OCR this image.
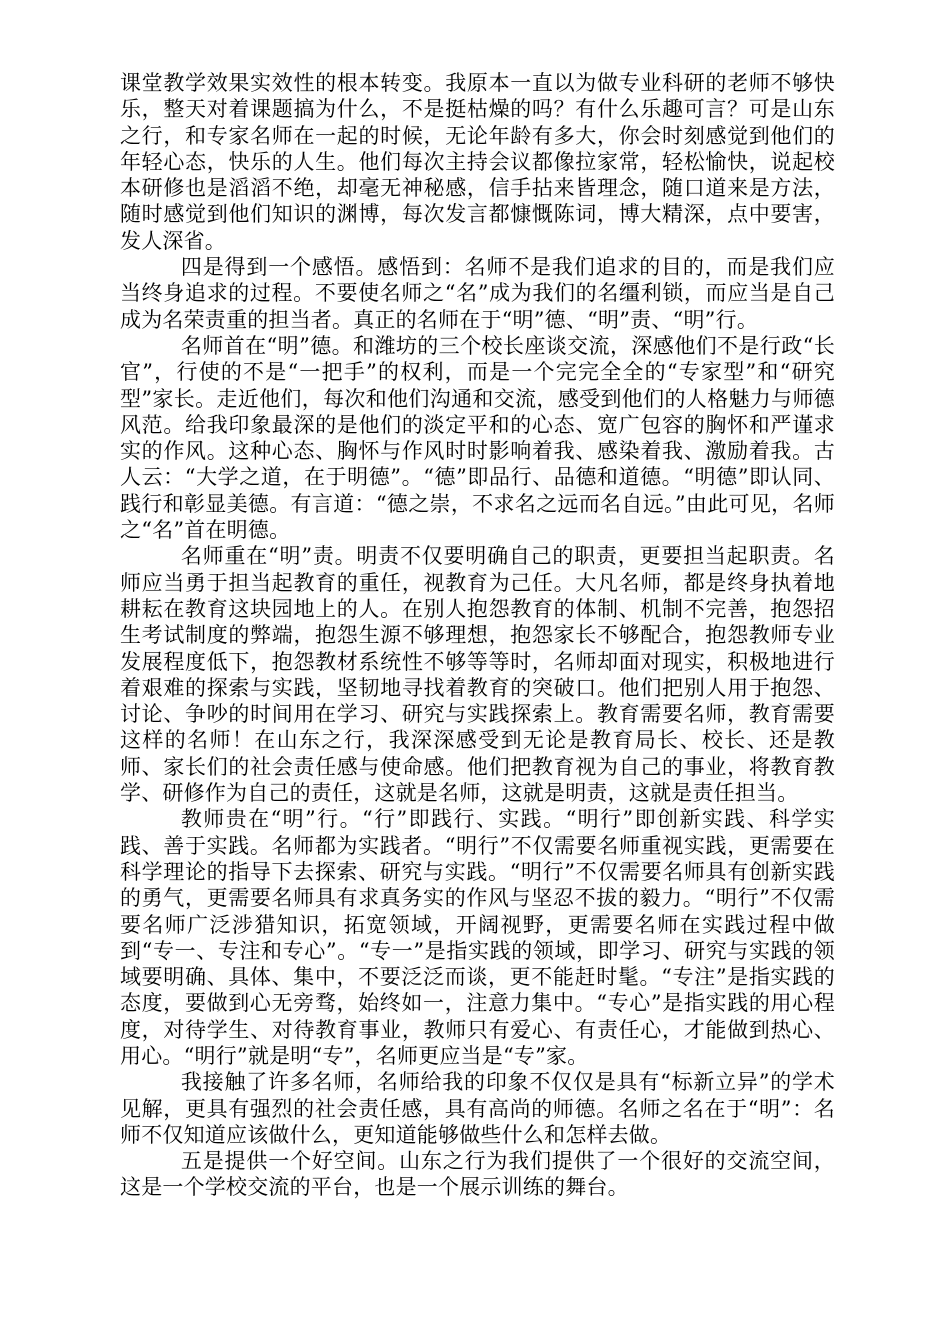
课堂教学效果实效性的根本转变。我原本一直以为做专业科研的老师不够快乐，整天对着课题搞为什么，不是挺枯燥的吗？有什么乐趣可言？可是山东之行，和专家名师在一起的时候，无论年龄有多大，你会时刻感觉到他们的年轻心态，快乐的人生。他们每次主持会议都像拉家常，轻松愉快，说起校本研修也是滔滔不绝，却毫无神秘感，信手拈来皆理念，随口道来是方法，随时感觉到他们知识的渊博，每次发言都慷慨陈词，博大精深，点中要害，发人深省。

四是得到一个感悟。感悟到：名师不是我们追求的目的，而是我们应当终身追求的过程。不要使名师之“名”成为我们的名缰利锁，而应当是自己成为名荣责重的担当者。真正的名师在于“明”德、“明”责、“明”行。

名师首在“明”德。和潍坊的三个校长座谈交流，深感他们不是行政“长官”，行使的不是“一把手”的权利，而是一个完完全全的“专家型”和“研究型”家长。走近他们，每次和他们沟通和交流，感受到他们的人格魅力与师德风范。给我印象最深的是他们的淡定平和的心态、宽广包容的胸怀和严谨求实的作风。这种心态、胸怀与作风时时影响着我、感染着我、激励着我。古人云：“大学之道，在于明德”。“德”即品行、品德和道德。“明德”即认同、践行和彰显美德。有言道：“德之崇，不求名之远而名自远。”由此可见，名师之“名”首在明德。

名师重在“明”责。明责不仅要明确自己的职责，更要担当起职责。名师应当勇于担当起教育的重任，视教育为己任。大凡名师，都是终身执着地耕耘在教育这块园地上的人。在别人抱怨教育的体制、机制不完善，抱怨招生考试制度的弊端，抱怨生源不够理想，抱怨家长不够配合，抱怨教师专业发展程度低下，抱怨教材系统性不够等等时，名师却面对现实，积极地进行着艰难的探索与实践，坚韧地寻找着教育的突破口。他们把别人用于抱怨、讨论、争吵的时间用在学习、研究与实践探索上。教育需要名师，教育需要这样的名师！在山东之行，我深深感受到无论是教育局长、校长、还是教师、家长们的社会责任感与使命感。他们把教育视为自己的事业，将教育教学、研修作为自己的责任，这就是名师，这就是明责，这就是责任担当。

教师贵在“明”行。“行”即践行、实践。“明行”即创新实践、科学实践、善于实践。名师都为实践者。“明行”不仅需要名师重视实践，更需要在科学理论的指导下去探索、研究与实践。“明行”不仅需要名师具有创新实践的勇气，更需要名师具有求真务实的作风与坚忍不拔的毅力。“明行”不仅需要名师广泛涉猎知识，拓宽领域，开阔视野，更需要名师在实践过程中做到“专一、专注和专心”。“专一”是指实践的领域，即学习、研究与实践的领域要明确、具体、集中，不要泛泛而谈，更不能赶时髦。“专注”是指实践的态度，要做到心无旁骛，始终如一，注意力集中。“专心”是指实践的用心程度，对待学生、对待教育事业，教师只有爱心、有责任心，才能做到热心、用心。“明行”就是明“专”，名师更应当是“专”家。

我接触了许多名师，名师给我的印象不仅仅是具有“标新立异”的学术见解，更具有强烈的社会责任感，具有高尚的师德。名师之名在于“明”：名师不仅知道应该做什么，更知道能够做些什么和怎样去做。

五是提供一个好空间。山东之行为我们提供了一个很好的交流空间，这是一个学校交流的平台，也是一个展示训练的舞台。
